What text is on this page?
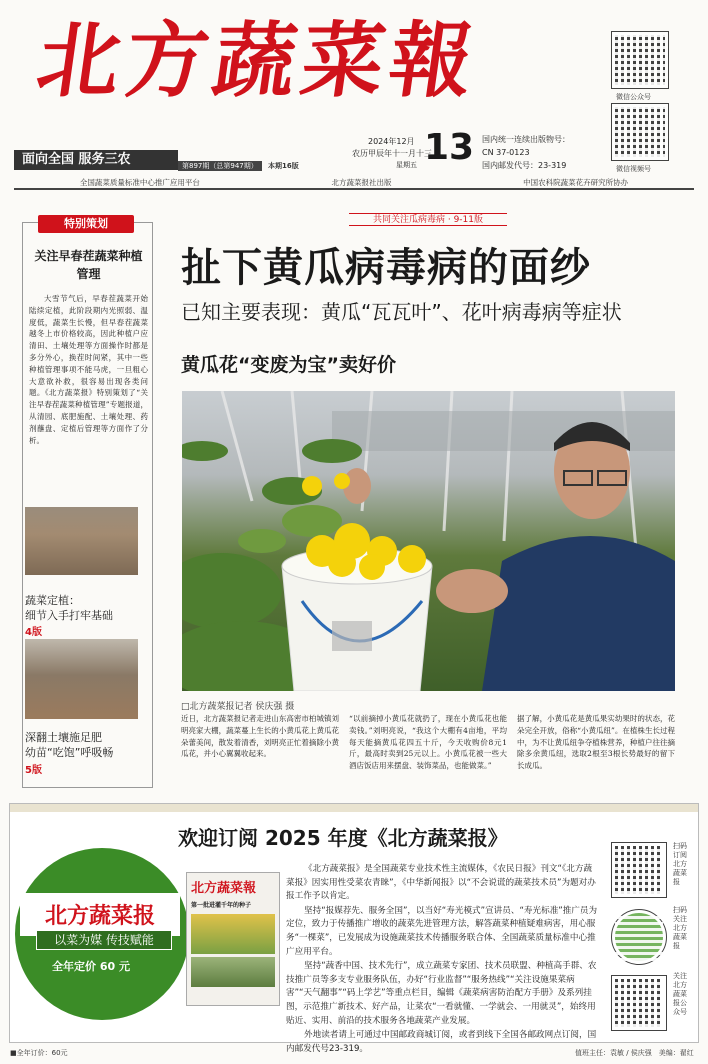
北方蔬菜報
面向全国 服务三农	第897期（总第947期） 本期16版
2024年12月
农历甲辰年十一月十三
星期五 13 国内统一连续出版物号：
CN 37-0123
国内邮发代号：23-319
微信公众号
微信视频号
全国蔬菜质量标准中心推广应用平台	北方蔬菜报社出版	中国农科院蔬菜花卉研究所协办
特别策划
关注早春茬蔬菜种植管理
大雪节气后，早春茬蔬菜开始陆续定植，此阶段期内光照弱、温度低，蔬菜生长慢，但早春茬蔬菜越冬上市价格较高，因此种植户应清田、土壤处理等方面操作时都是多分外心，换茬时间紧，其中一些种植管理事项不能马虎，一旦粗心大意欲补救，很容易出现各类问题。《北方蔬菜报》特别策划了“关注早春茬蔬菜种植管理”专题报道，从清园、底肥施配、土壤处理、药剂蘸盘、定植后管理等方面作了分析。
蔬菜定植：
细节入手打牢基础
4版
深翻土壤施足肥
幼苗“吃饱”呼吸畅
5版
共同关注瓜病毒病 · 9-11版
扯下黄瓜病毒病的面纱
已知主要表现：黄瓜“瓦瓦叶”、花叶病毒病等症状
黄瓜花“变废为宝”卖好价
□北方蔬菜报记者 侯庆强 摄
近日，北方蔬菜报记者走进山东高密市柏城镇刘明亮家大棚，蔬菜蔓上生长的小黄瓜花上黄瓜花朵蕾美间，散发着清香，刘明亮正忙着摘除小黄瓜花，并小心翼翼收起来。
“以前摘掉小黄瓜花就扔了，现在小黄瓜花也能卖钱。”刘明亮说，“我这个大棚有4亩地，平均每天能摘黄瓜花四五十斤，今天收购价8元1斤，最高时卖到25元以上。小黄瓜花被一些大酒店饭店用来摆盘、装饰菜品，也能做菜。”
据了解，小黄瓜花是黄瓜果实幼果时的状态，花朵完全开放，俗称“小黄瓜纽”。在植株生长过程中，为不让黄瓜纽争夺植株营养，种植户往往摘除多余黄瓜纽，选取2根至3根长势最好的留下长成瓜。
欢迎订阅 2025 年度《北方蔬菜报》
北方蔬菜报
以菜为媒 传技赋能
全年定价 60 元
北方蔬菜報
第一批进灌千年的种子

《北方蔬菜报》是全国蔬菜专业技术性主流媒体，《农民日报》刊文“《北方蔬菜报》因实用性受菜农青睐”，《中华新闻报》以“不会说谎的蔬菜技术员”为题对办报工作予以肯定。

坚持“报媒荐先、服务全国”，以当好“寿光模式”宣讲员、“寿光标准”推广员为定位，致力于传播推广增收的蔬菜先进管理方法，解答蔬菜种植疑难病害，用心服务“一棵菜”，已发展成为设施蔬菜技术传播服务联合体、全国蔬菜质量标准中心推广应用平台。

坚持“蔬香中国、技术先行”，成立蔬菜专家团、技术员联盟、种植高手群、农技推广员等多支专业服务队伍，办好“行业监督”“服务热线”“关注设施果菜病害”“天气翻事”“码上学艺”等重点栏目，编辑《蔬菜病害防治配方手册》及系列挂图，示范推广新技术、好产品，让菜农“一看就懂、一学就会、一用就灵”，始终用贴近、实用、前沿的技术服务各地蔬菜产业发展。

外地读者请上可通过中国邮政商城订阅，或者到线下全国各邮政网点订阅，国内邮发代号23-319。

扫码订阅北方蔬菜报
扫码关注北方蔬菜报
关注北方蔬菜报公众号
■全年订价：60元	值班主任：袁敏 / 侯庆强　美编：翟红
